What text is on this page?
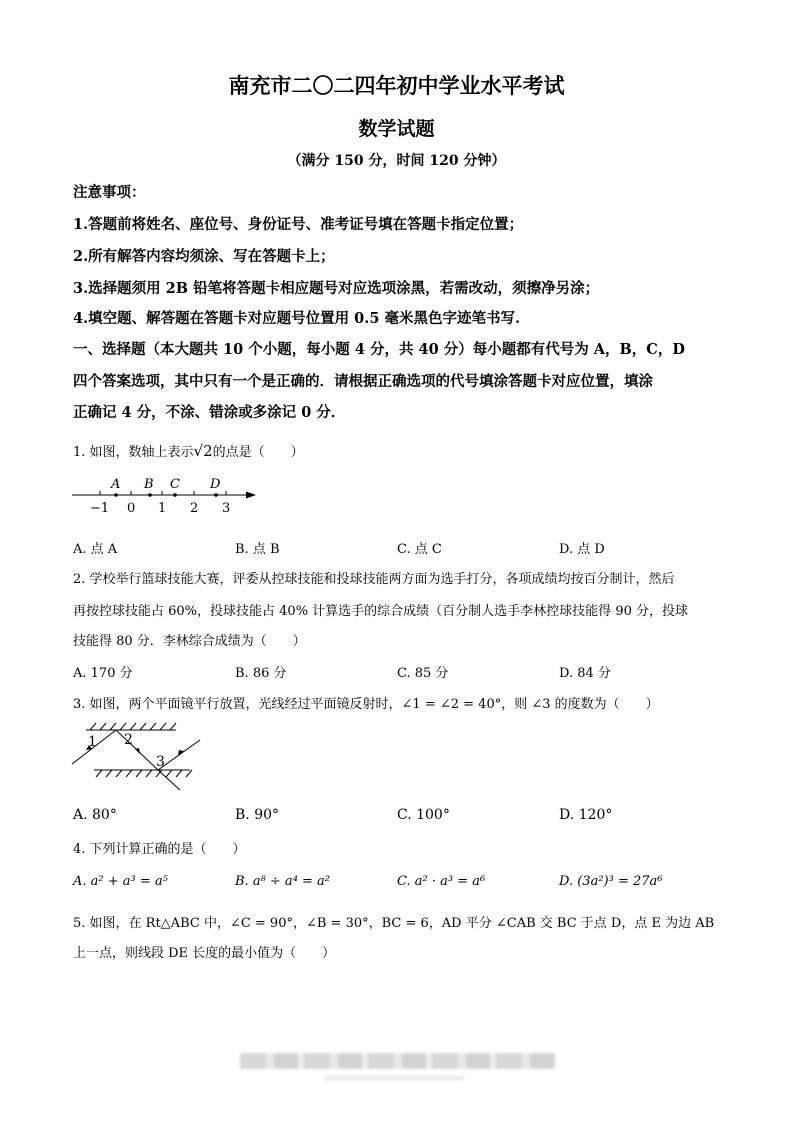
南充市二〇二四年初中学业水平考试
数学试题
（满分 150 分，时间 120 分钟）
注意事项：
1.答题前将姓名、座位号、身份证号、准考证号填在答题卡指定位置；
2.所有解答内容均须涂、写在答题卡上；
3.选择题须用 2B 铅笔将答题卡相应题号对应选项涂黑，若需改动，须擦净另涂；
4.填空题、解答题在答题卡对应题号位置用 0.5 毫米黑色字迹笔书写.
一、选择题（本大题共 10 个小题，每小题 4 分，共 40 分）每小题都有代号为 A，B，C，D
四个答案选项，其中只有一个是正确的．请根据正确选项的代号填涂答题卡对应位置，填涂
正确记 4 分，不涂、错涂或多涂记 0 分．
1. 如图，数轴上表示√2的点是（　　）
A B C D
−1 0 1 2 3
A. 点 A	B. 点 B	C. 点 C	D. 点 D
2. 学校举行篮球技能大赛，评委从控球技能和投球技能两方面为选手打分，各项成绩均按百分制计，然后
再按控球技能占 60%，投球技能占 40% 计算选手的综合成绩（百分制人选手李林控球技能得 90 分，投球
技能得 80 分．李林综合成绩为（　　）
A. 170 分	B. 86 分	C. 85 分	D. 84 分
3. 如图，两个平面镜平行放置，光线经过平面镜反射时，∠1 = ∠2 = 40°，则 ∠3 的度数为（　　）
1 2
3
A. 80°	B. 90°	C. 100°	D. 120°
4. 下列计算正确的是（　　）
A. a² + a³ = a⁵	B. a⁸ ÷ a⁴ = a²	C. a² · a³ = a⁶	D. (3a²)³ = 27a⁶
5. 如图，在 Rt△ABC 中，∠C = 90°，∠B = 30°，BC = 6，AD 平分 ∠CAB 交 BC 于点 D，点 E 为边 AB
上一点，则线段 DE 长度的最小值为（　　）
